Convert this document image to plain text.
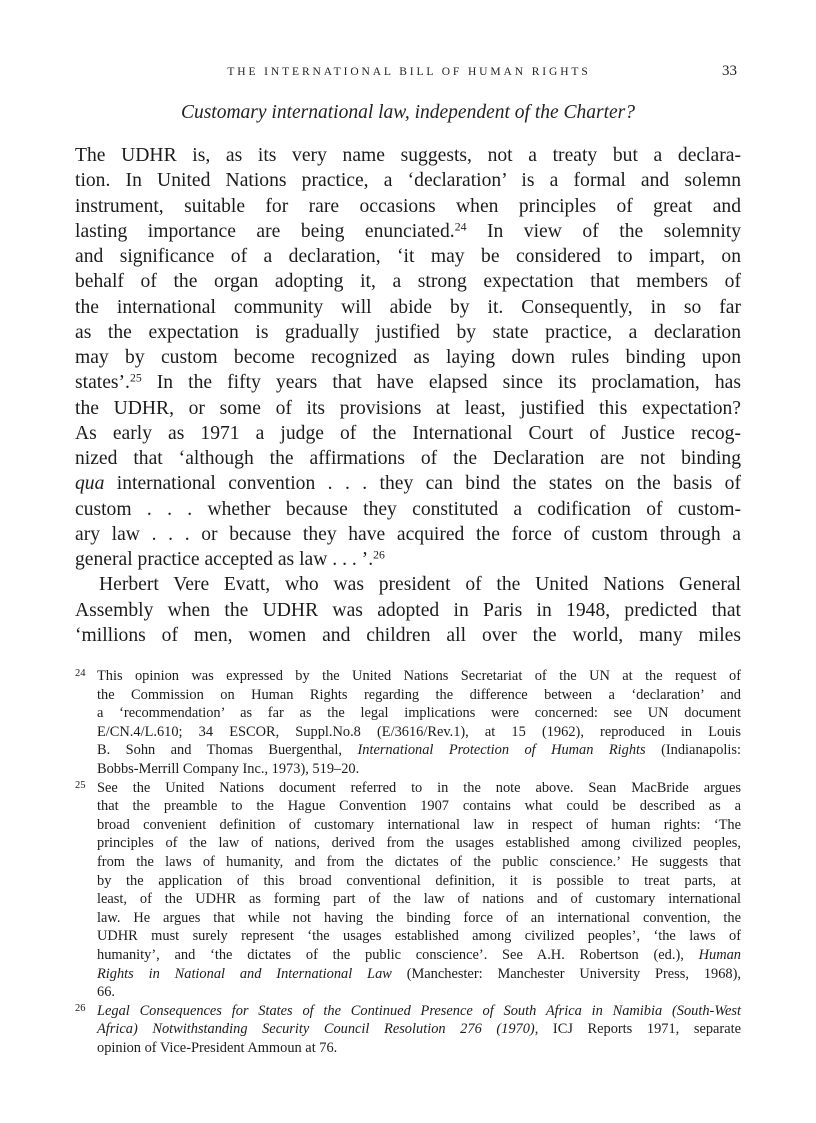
THE INTERNATIONAL BILL OF HUMAN RIGHTS	33
Customary international law, independent of the Charter?
The UDHR is, as its very name suggests, not a treaty but a declara-
tion. In United Nations practice, a ‘declaration’ is a formal and solemn
instrument, suitable for rare occasions when principles of great and
lasting importance are being enunciated.$^{24}$ In view of the solemnity
and significance of a declaration, ‘it may be considered to impart, on
behalf of the organ adopting it, a strong expectation that members of
the international community will abide by it. Consequently, in so far
as the expectation is gradually justified by state practice, a declaration
may by custom become recognized as laying down rules binding upon
states’.$^{25}$ In the fifty years that have elapsed since its proclamation, has
the UDHR, or some of its provisions at least, justified this expectation?
As early as 1971 a judge of the International Court of Justice recog-
nized that ‘although the affirmations of the Declaration are not binding
qua international convention . . . they can bind the states on the basis of
custom . . . whether because they constituted a codification of custom-
ary law . . . or because they have acquired the force of custom through a
general practice accepted as law . . . ’.$^{26}$
Herbert Vere Evatt, who was president of the United Nations General
Assembly when the UDHR was adopted in Paris in 1948, predicted that
‘millions of men, women and children all over the world, many miles
24 This opinion was expressed by the United Nations Secretariat of the UN at the request of
the Commission on Human Rights regarding the difference between a ‘declaration’ and
a ‘recommendation’ as far as the legal implications were concerned: see UN document
E/CN.4/L.610; 34 ESCOR, Suppl.No.8 (E/3616/Rev.1), at 15 (1962), reproduced in Louis
B. Sohn and Thomas Buergenthal, International Protection of Human Rights (Indianapolis:
Bobbs-Merrill Company Inc., 1973), 519–20.
25 See the United Nations document referred to in the note above. Sean MacBride argues
that the preamble to the Hague Convention 1907 contains what could be described as a
broad convenient definition of customary international law in respect of human rights: ‘The
principles of the law of nations, derived from the usages established among civilized peoples,
from the laws of humanity, and from the dictates of the public conscience.’ He suggests that
by the application of this broad conventional definition, it is possible to treat parts, at
least, of the UDHR as forming part of the law of nations and of customary international
law. He argues that while not having the binding force of an international convention, the
UDHR must surely represent ‘the usages established among civilized peoples’, ‘the laws of
humanity’, and ‘the dictates of the public conscience’. See A.H. Robertson (ed.), Human
Rights in National and International Law (Manchester: Manchester University Press, 1968),
66.
26 Legal Consequences for States of the Continued Presence of South Africa in Namibia (South-West
Africa) Notwithstanding Security Council Resolution 276 (1970), ICJ Reports 1971, separate
opinion of Vice-President Ammoun at 76.
